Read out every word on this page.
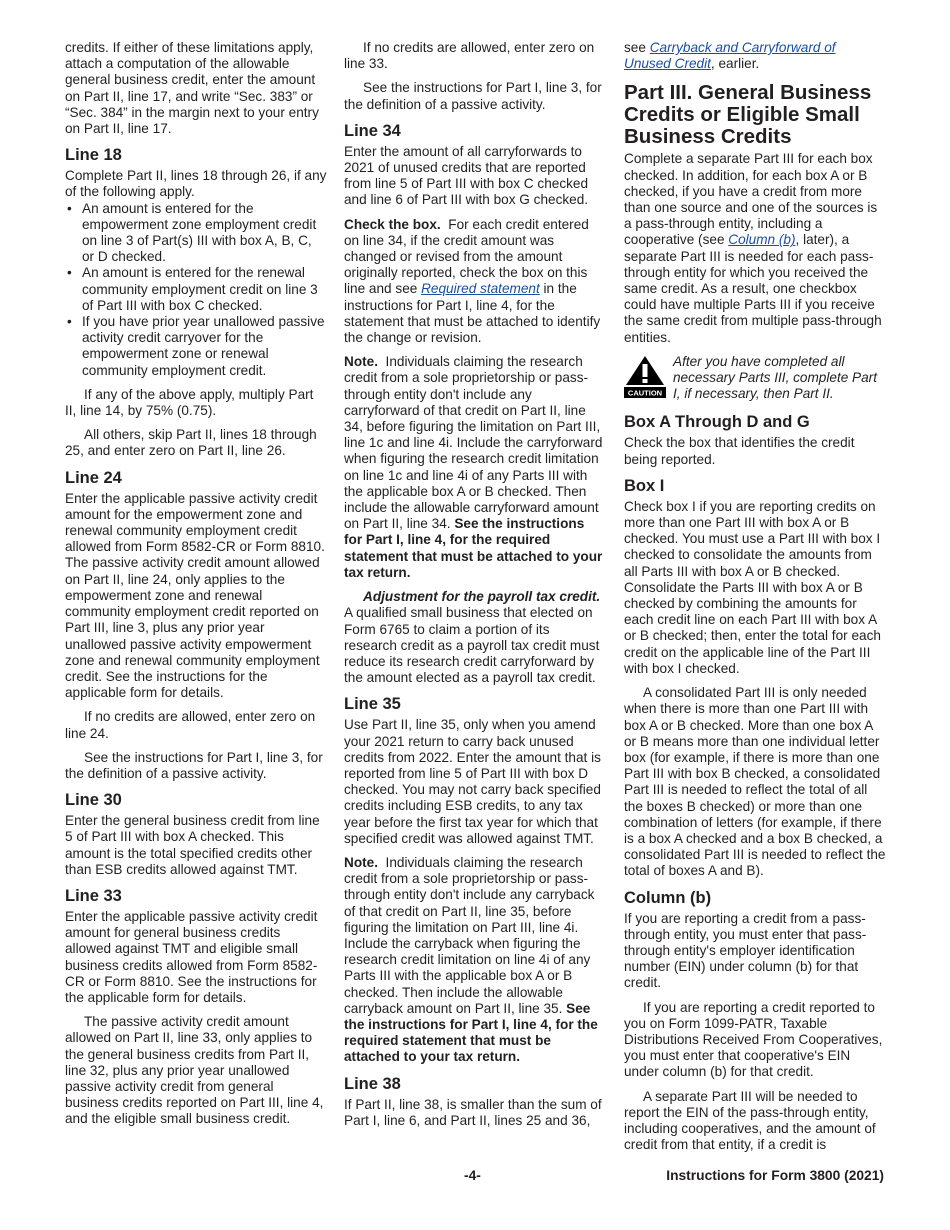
credits. If either of these limitations apply, attach a computation of the allowable general business credit, enter the amount on Part II, line 17, and write “Sec. 383” or “Sec. 384” in the margin next to your entry on Part II, line 17.

Line 18

Complete Part II, lines 18 through 26, if any of the following apply.

• An amount is entered for the empowerment zone employment credit on line 3 of Part(s) III with box A, B, C, or D checked.
• An amount is entered for the renewal community employment credit on line 3 of Part III with box C checked.
• If you have prior year unallowed passive activity credit carryover for the empowerment zone or renewal community employment credit.

If any of the above apply, multiply Part II, line 14, by 75% (0.75).

All others, skip Part II, lines 18 through 25, and enter zero on Part II, line 26.

Line 24

Enter the applicable passive activity credit amount for the empowerment zone and renewal community employment credit allowed from Form 8582-CR or Form 8810. The passive activity credit amount allowed on Part II, line 24, only applies to the empowerment zone and renewal community employment credit reported on Part III, line 3, plus any prior year unallowed passive activity empowerment zone and renewal community employment credit. See the instructions for the applicable form for details.

If no credits are allowed, enter zero on line 24.

See the instructions for Part I, line 3, for the definition of a passive activity.

Line 30

Enter the general business credit from line 5 of Part III with box A checked. This amount is the total specified credits other than ESB credits allowed against TMT.

Line 33

Enter the applicable passive activity credit amount for general business credits allowed against TMT and eligible small business credits allowed from Form 8582-CR or Form 8810. See the instructions for the applicable form for details.

The passive activity credit amount allowed on Part II, line 33, only applies to the general business credits from Part II, line 32, plus any prior year unallowed passive activity credit from general business credits reported on Part III, line 4, and the eligible small business credit.

If no credits are allowed, enter zero on line 33.

See the instructions for Part I, line 3, for the definition of a passive activity.

Line 34

Enter the amount of all carryforwards to 2021 of unused credits that are reported from line 5 of Part III with box C checked and line 6 of Part III with box G checked.

Check the box. For each credit entered on line 34, if the credit amount was changed or revised from the amount originally reported, check the box on this line and see Required statement in the instructions for Part I, line 4, for the statement that must be attached to identify the change or revision.

Note. Individuals claiming the research credit from a sole proprietorship or pass-through entity don't include any carryforward of that credit on Part II, line 34, before figuring the limitation on Part III, line 1c and line 4i. Include the carryforward when figuring the research credit limitation on line 1c and line 4i of any Parts III with the applicable box A or B checked. Then include the allowable carryforward amount on Part II, line 34. See the instructions for Part I, line 4, for the required statement that must be attached to your tax return.

Adjustment for the payroll tax credit.  A qualified small business that elected on Form 6765 to claim a portion of its research credit as a payroll tax credit must reduce its research credit carryforward by the amount elected as a payroll tax credit.

Line 35

Use Part II, line 35, only when you amend your 2021 return to carry back unused credits from 2022. Enter the amount that is reported from line 5 of Part III with box D checked. You may not carry back specified credits including ESB credits, to any tax year before the first tax year for which that specified credit was allowed against TMT.

Note. Individuals claiming the research credit from a sole proprietorship or pass-through entity don't include any carryback of that credit on Part II, line 35, before figuring the limitation on Part III, line 4i. Include the carryback when figuring the research credit limitation on line 4i of any Parts III with the applicable box A or B checked. Then include the allowable carryback amount on Part II, line 35. See the instructions for Part I, line 4, for the required statement that must be attached to your tax return.

Line 38

If Part II, line 38, is smaller than the sum of Part I, line 6, and Part II, lines 25 and 36,

see Carryback and Carryforward of Unused Credit, earlier.

Part III. General Business Credits or Eligible Small Business Credits

Complete a separate Part III for each box checked. In addition, for each box A or B checked, if you have a credit from more than one source and one of the sources is a pass-through entity, including a cooperative (see Column (b), later), a separate Part III is needed for each pass-through entity for which you received the same credit. As a result, one checkbox could have multiple Parts III if you receive the same credit from multiple pass-through entities.

CAUTION
After you have completed all necessary Parts III, complete Part I, if necessary, then Part II.
Box A Through D and G

Check the box that identifies the credit being reported.

Box I

Check box I if you are reporting credits on more than one Part III with box A or B checked. You must use a Part III with box I checked to consolidate the amounts from all Parts III with box A or B checked. Consolidate the Parts III with box A or B checked by combining the amounts for each credit line on each Part III with box A or B checked; then, enter the total for each credit on the applicable line of the Part III with box I checked.

A consolidated Part III is only needed when there is more than one Part III with box A or B checked. More than one box A or B means more than one individual letter box (for example, if there is more than one Part III with box B checked, a consolidated Part III is needed to reflect the total of all the boxes B checked) or more than one combination of letters (for example, if there is a box A checked and a box B checked, a consolidated Part III is needed to reflect the total of boxes A and B).

Column (b)

If you are reporting a credit from a pass-through entity, you must enter that pass-through entity's employer identification number (EIN) under column (b) for that credit.

If you are reporting a credit reported to you on Form 1099-PATR, Taxable Distributions Received From Cooperatives, you must enter that cooperative's EIN under column (b) for that credit.

A separate Part III will be needed to report the EIN of the pass-through entity, including cooperatives, and the amount of credit from that entity, if a credit is

-4-	Instructions for Form 3800 (2021)
